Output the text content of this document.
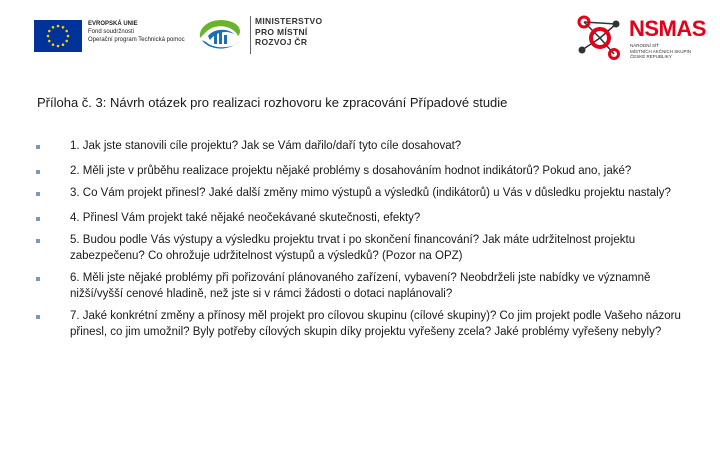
EVROPSKÁ UNIE
Fond soudržnosti
Operační program Technická pomoc
MINISTERSTVO
PRO MÍSTNÍ
ROZVOJ ČR
NSMAS
NÁRODNÍ SÍŤ
MÍSTNÍCH AKČNÍCH SKUPIN
ČESKÉ REPUBLIKY
Příloha č. 3: Návrh otázek pro realizaci rozhovoru ke zpracování Případové studie
1. Jak jste stanovili cíle projektu? Jak se Vám dařilo/daří tyto cíle dosahovat?
2. Měli jste v průběhu realizace projektu nějaké problémy s dosahováním hodnot indikátorů? Pokud ano, jaké?
3. Co Vám projekt přinesl? Jaké další změny mimo výstupů a výsledků (indikátorů) u Vás v důsledku projektu nastaly?
4. Přinesl Vám projekt také nějaké neočekávané skutečnosti, efekty?
5. Budou podle Vás výstupy a výsledku projektu trvat i po skončení financování? Jak máte udržitelnost projektu zabezpečenu? Co ohrožuje udržitelnost výstupů a výsledků? (Pozor na OPZ)
6. Měli jste nějaké problémy při pořizování plánovaného zařízení, vybavení? Neobdrželi jste nabídky ve významně nižší/vyšší cenové hladině, než jste si v rámci žádosti o dotaci naplánovali?
7. Jaké konkrétní změny a přínosy měl projekt pro cílovou skupinu (cílové skupiny)? Co jim projekt podle Vašeho názoru přinesl, co jim umožnil? Byly potřeby cílových skupin díky projektu vyřešeny zcela? Jaké problémy vyřešeny nebyly?
